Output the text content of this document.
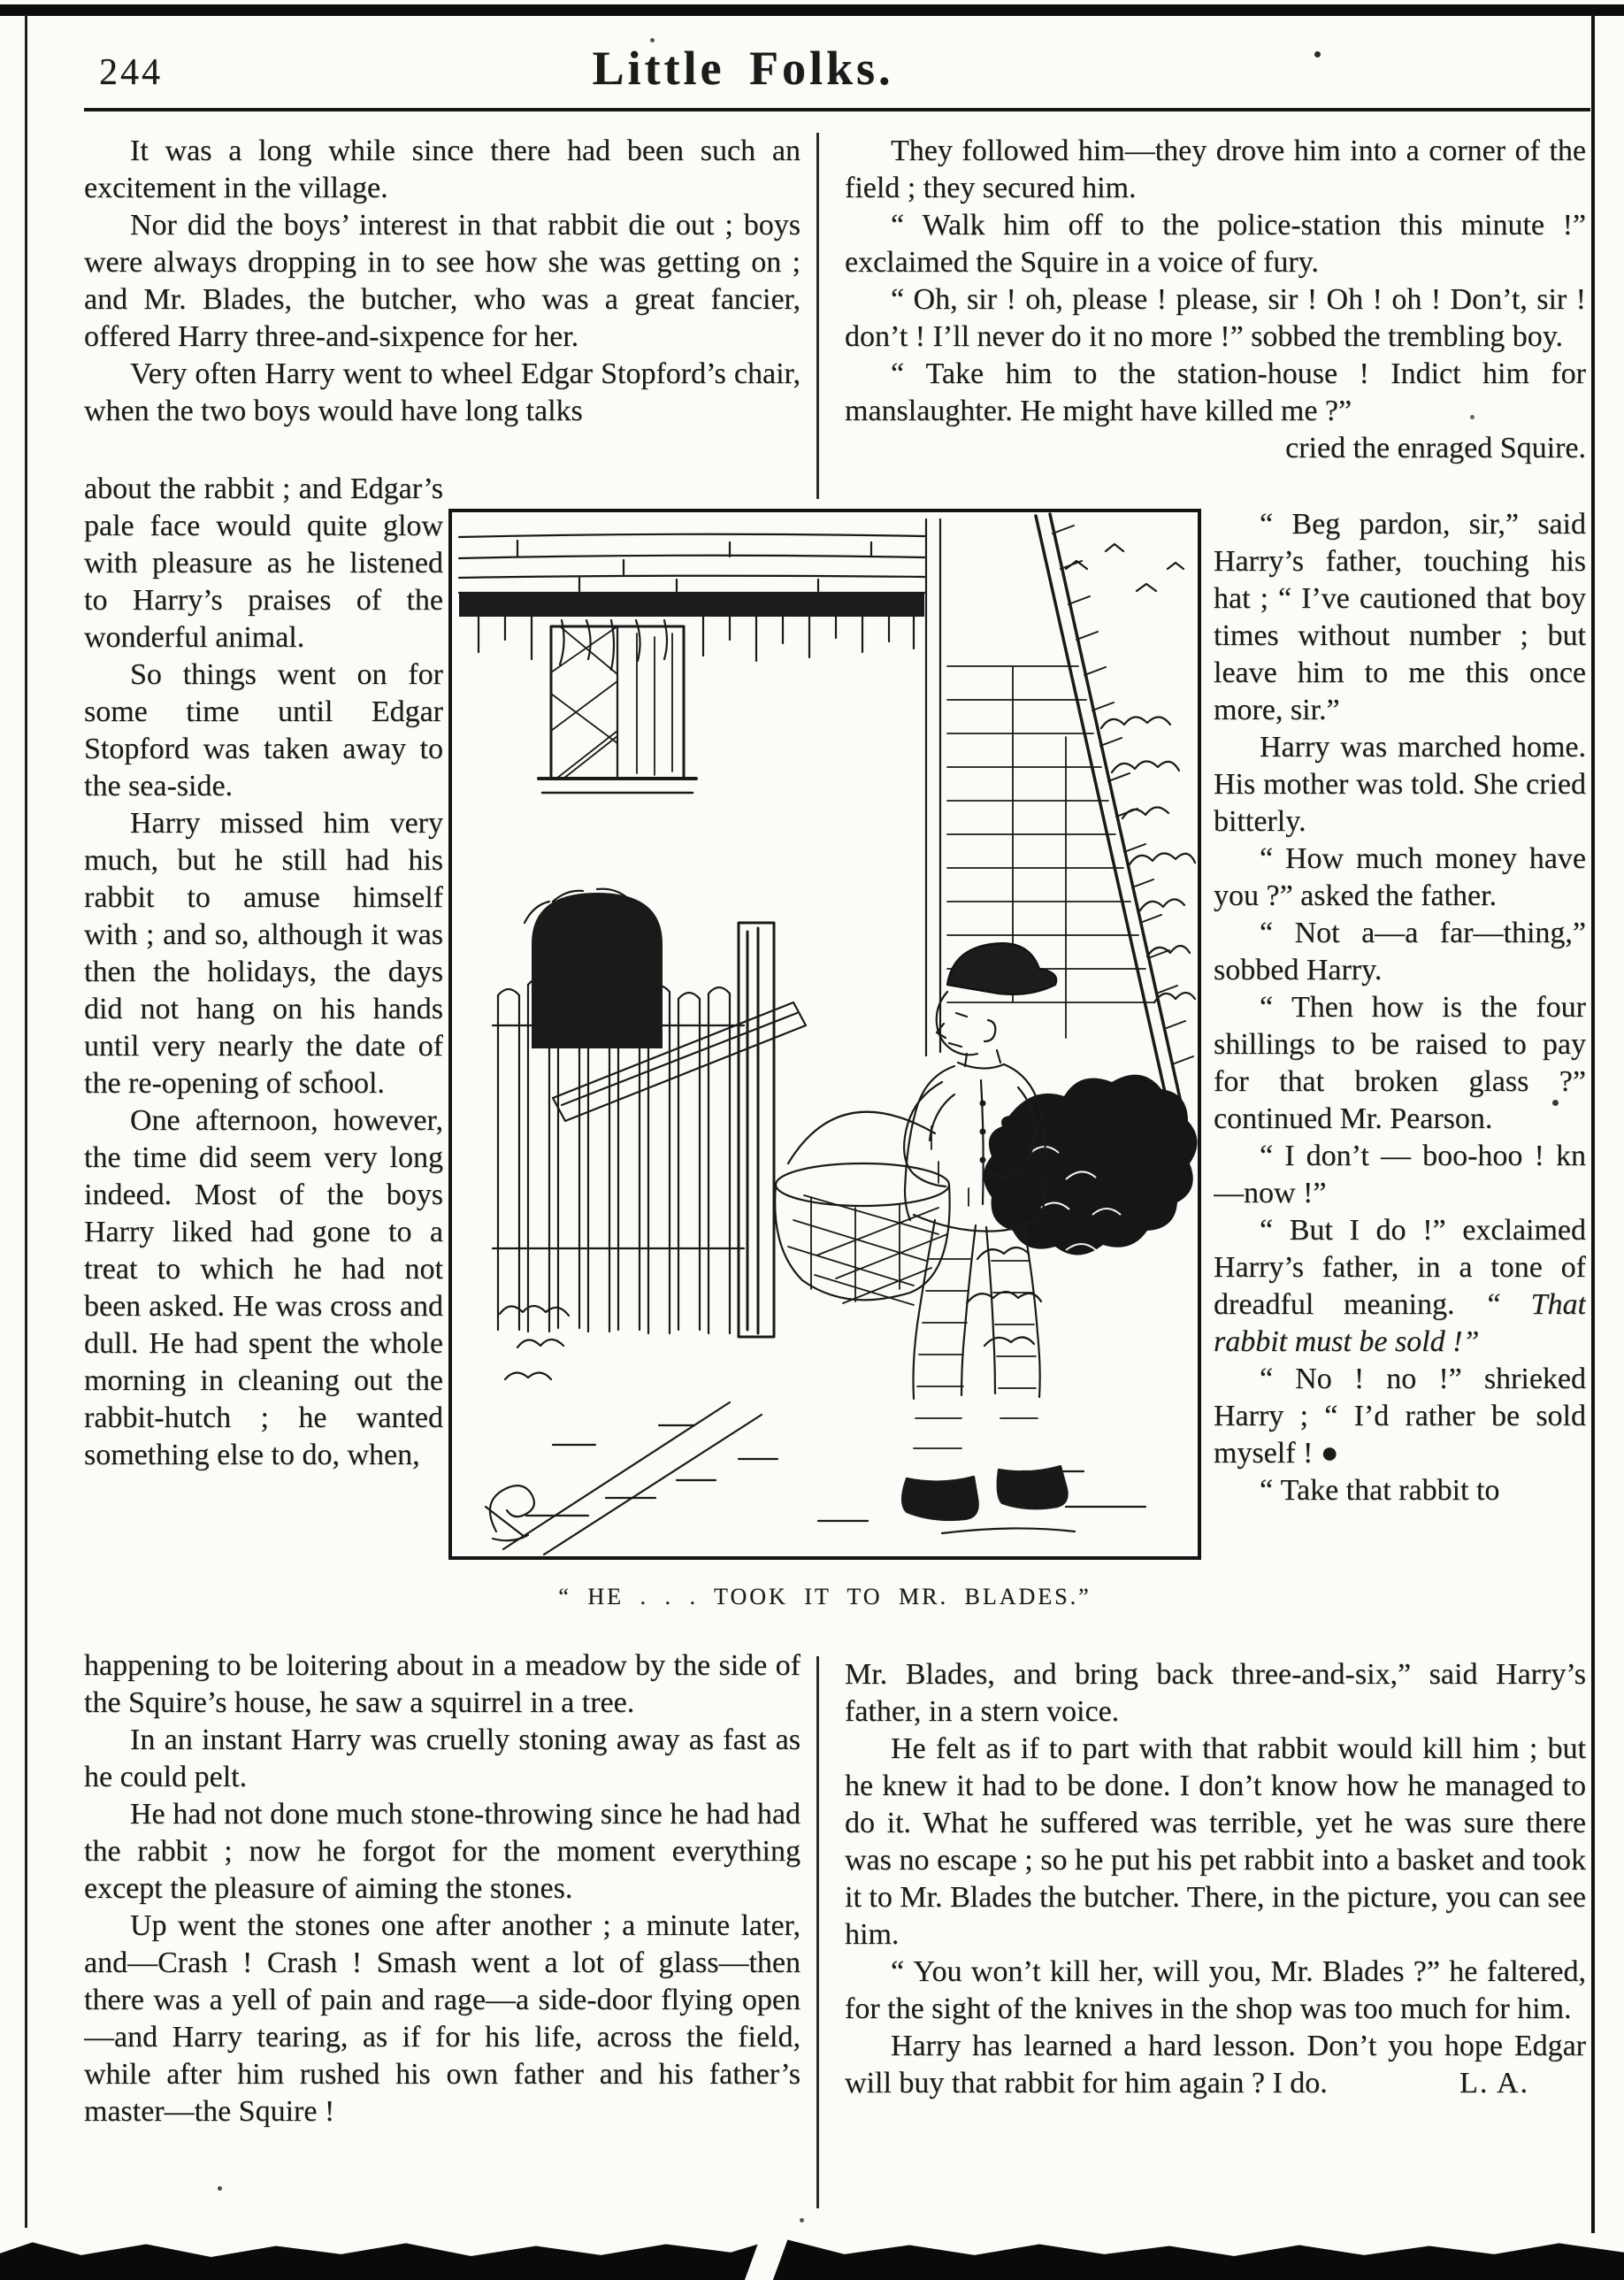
244	Little Folks.

It was a long while since there had been such an excitement in the village.

Nor did the boys’ interest in that rabbit die out ; boys were always dropping in to see how she was getting on ; and Mr. Blades, the butcher, who was a great fancier, offered Harry three-and-sixpence for her.

Very often Harry went to wheel Edgar Stopford’s chair, when the two boys would have long talks

about the rabbit ; and Edgar’s pale face would quite glow with pleasure as he listened to Harry’s praises of the wonderful animal.

So things went on for some time until Edgar Stopford was taken away to the sea-side.

Harry missed him very much, but he still had his rabbit to amuse himself with ; and so, although it was then the holidays, the days did not hang on his hands until very nearly the date of the re-opening of school.

One afternoon, however, the time did seem very long indeed. Most of the boys Harry liked had gone to a treat to which he had not been asked. He was cross and dull. He had spent the whole morning in cleaning out the rabbit-hutch ; he wanted something else to do, when,

happening to be loitering about in a meadow by the side of the Squire’s house, he saw a squirrel in a tree.

In an instant Harry was cruelly stoning away as fast as he could pelt.

He had not done much stone-throwing since he had had the rabbit ; now he forgot for the moment everything except the pleasure of aiming the stones.

Up went the stones one after another ; a minute later, and—Crash ! Crash ! Smash went a lot of glass—then there was a yell of pain and rage—a side-door flying open—and Harry tearing, as if for his life, across the field, while after him rushed his own father and his father’s master—the Squire !

They followed him—they drove him into a corner of the field ; they secured him.

“ Walk him off to the police-station this minute !” exclaimed the Squire in a voice of fury.

“ Oh, sir ! oh, please ! please, sir ! Oh ! oh ! Don’t, sir ! don’t ! I’ll never do it no more !” sobbed the trembling boy.

“ Take him to the station-house ! Indict him for manslaughter. He might have killed me ?”

cried the enraged Squire.

“ Beg pardon, sir,” said Harry’s father, touching his hat ; “ I’ve cautioned that boy times without number ; but leave him to me this once more, sir.”

Harry was marched home. His mother was told. She cried bitterly.

“ How much money have you ?” asked the father.

“ Not a—a far—thing,” sobbed Harry.

“ Then how is the four shillings to be raised to pay for that broken glass ?” continued Mr. Pearson.

“ I don’t — boo-hoo ! kn—now !”

“ But I do !” exclaimed Harry’s father, in a tone of dreadful meaning. “ That rabbit must be sold !”

“ No ! no !” shrieked Harry ; “ I’d rather be sold myself ! ●

“ Take that rabbit to

Mr. Blades, and bring back three-and-six,” said Harry’s father, in a stern voice.

He felt as if to part with that rabbit would kill him ; but he knew it had to be done. I don’t know how he managed to do it. What he suffered was terrible, yet he was sure there was no escape ; so he put his pet rabbit into a basket and took it to Mr. Blades the butcher. There, in the picture, you can see him.

“ You won’t kill her, will you, Mr. Blades ?” he faltered, for the sight of the knives in the shop was too much for him.

Harry has learned a hard lesson. Don’t you hope Edgar will buy that rabbit for him again ? I do.	L. A.

“ HE . . . TOOK IT TO MR. BLADES.”
